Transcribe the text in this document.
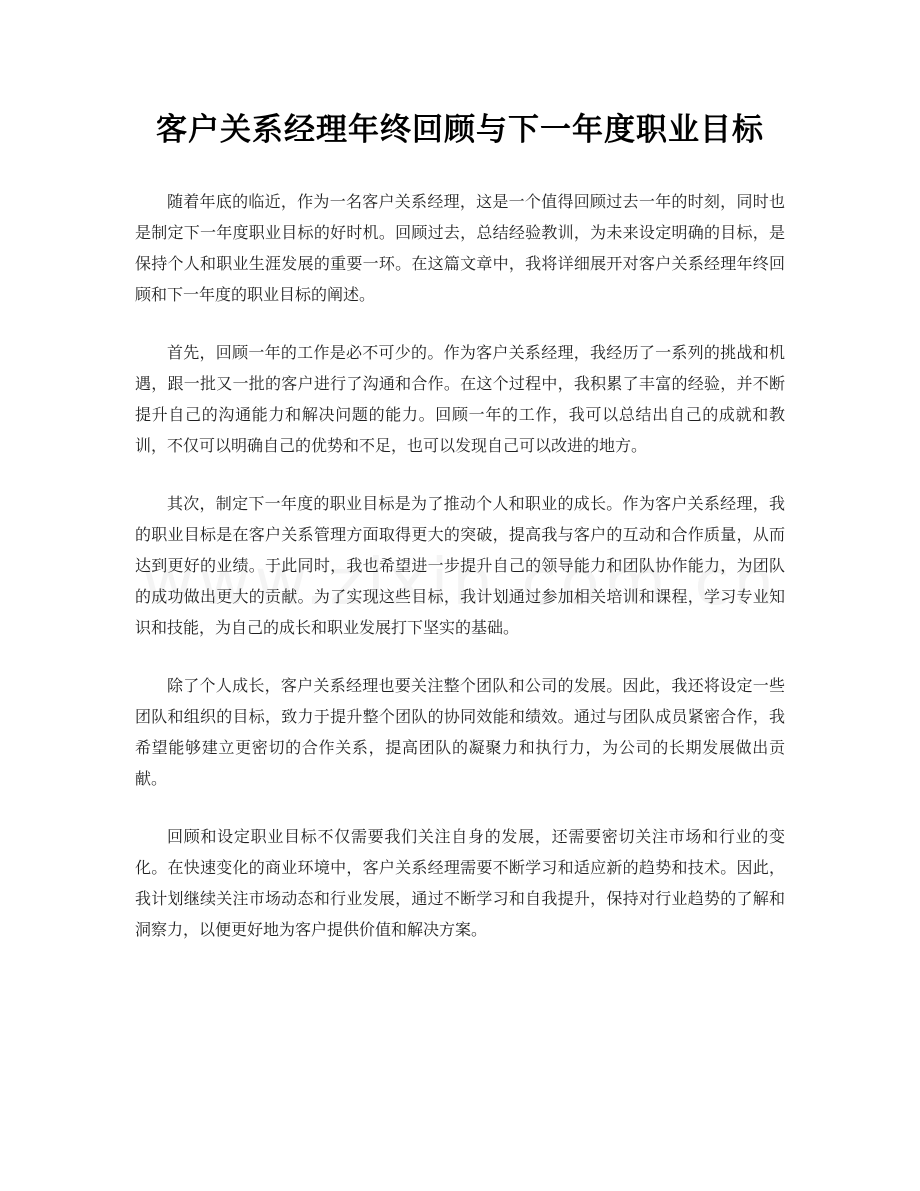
客户关系经理年终回顾与下一年度职业目标

随着年底的临近，作为一名客户关系经理，这是一个值得回顾过去一年的时刻，同时也是制定下一年度职业目标的好时机。回顾过去，总结经验教训，为未来设定明确的目标，是保持个人和职业生涯发展的重要一环。在这篇文章中，我将详细展开对客户关系经理年终回顾和下一年度的职业目标的阐述。

首先，回顾一年的工作是必不可少的。作为客户关系经理，我经历了一系列的挑战和机遇，跟一批又一批的客户进行了沟通和合作。在这个过程中，我积累了丰富的经验，并不断提升自己的沟通能力和解决问题的能力。回顾一年的工作，我可以总结出自己的成就和教训，不仅可以明确自己的优势和不足，也可以发现自己可以改进的地方。

其次，制定下一年度的职业目标是为了推动个人和职业的成长。作为客户关系经理，我的职业目标是在客户关系管理方面取得更大的突破，提高我与客户的互动和合作质量，从而达到更好的业绩。于此同时，我也希望进一步提升自己的领导能力和团队协作能力，为团队的成功做出更大的贡献。为了实现这些目标，我计划通过参加相关培训和课程，学习专业知识和技能，为自己的成长和职业发展打下坚实的基础。

除了个人成长，客户关系经理也要关注整个团队和公司的发展。因此，我还将设定一些团队和组织的目标，致力于提升整个团队的协同效能和绩效。通过与团队成员紧密合作，我希望能够建立更密切的合作关系，提高团队的凝聚力和执行力，为公司的长期发展做出贡献。

回顾和设定职业目标不仅需要我们关注自身的发展，还需要密切关注市场和行业的变化。在快速变化的商业环境中，客户关系经理需要不断学习和适应新的趋势和技术。因此，我计划继续关注市场动态和行业发展，通过不断学习和自我提升，保持对行业趋势的了解和洞察力，以便更好地为客户提供价值和解决方案。
